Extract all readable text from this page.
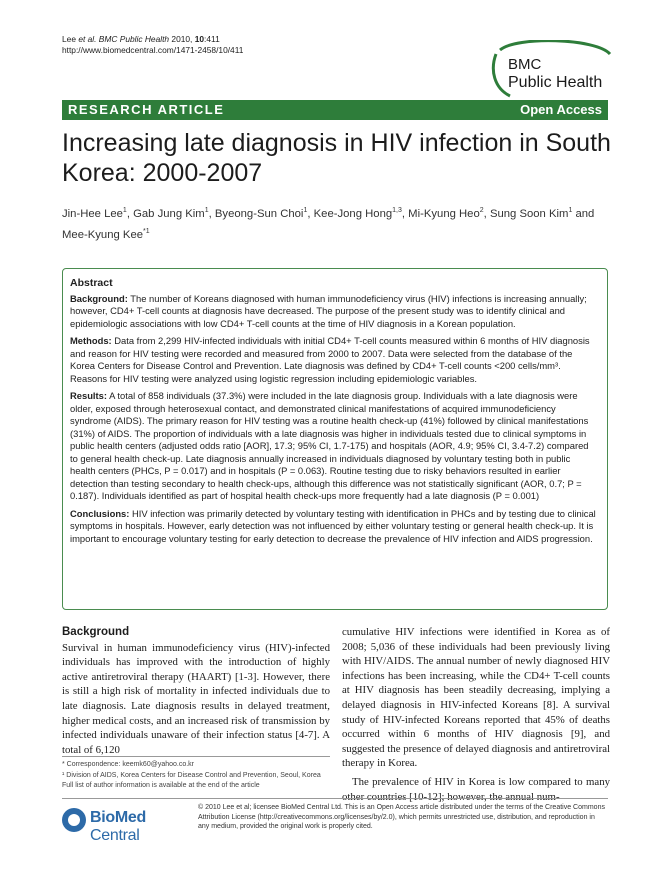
Lee et al. BMC Public Health 2010, 10:411
http://www.biomedcentral.com/1471-2458/10/411
BMC
Public Health
RESEARCH ARTICLE	Open Access
Increasing late diagnosis in HIV infection in South Korea: 2000-2007
Jin-Hee Lee$^1$, Gab Jung Kim$^1$, Byeong-Sun Choi$^1$, Kee-Jong Hong$^{1,3}$, Mi-Kyung Heo$^2$, Sung Soon Kim$^1$ and Mee-Kyung Kee$^{*1}$
Abstract

Background: The number of Koreans diagnosed with human immunodeficiency virus (HIV) infections is increasing annually; however, CD4+ T-cell counts at diagnosis have decreased. The purpose of the present study was to identify clinical and epidemiologic associations with low CD4+ T-cell counts at the time of HIV diagnosis in a Korean population.

Methods: Data from 2,299 HIV-infected individuals with initial CD4+ T-cell counts measured within 6 months of HIV diagnosis and reason for HIV testing were recorded and measured from 2000 to 2007. Data were selected from the database of the Korea Centers for Disease Control and Prevention. Late diagnosis was defined by CD4+ T-cell counts <200 cells/mm³. Reasons for HIV testing were analyzed using logistic regression including epidemiologic variables.

Results: A total of 858 individuals (37.3%) were included in the late diagnosis group. Individuals with a late diagnosis were older, exposed through heterosexual contact, and demonstrated clinical manifestations of acquired immunodeficiency syndrome (AIDS). The primary reason for HIV testing was a routine health check-up (41%) followed by clinical manifestations (31%) of AIDS. The proportion of individuals with a late diagnosis was higher in individuals tested due to clinical symptoms in public health centers (adjusted odds ratio [AOR], 17.3; 95% CI, 1.7-175) and hospitals (AOR, 4.9; 95% CI, 3.4-7.2) compared to general health check-up. Late diagnosis annually increased in individuals diagnosed by voluntary testing both in public health centers (PHCs, P = 0.017) and in hospitals (P = 0.063). Routine testing due to risky behaviors resulted in earlier detection than testing secondary to health check-ups, although this difference was not statistically significant (AOR, 0.7; P = 0.187). Individuals identified as part of hospital health check-ups more frequently had a late diagnosis (P = 0.001)

Conclusions: HIV infection was primarily detected by voluntary testing with identification in PHCs and by testing due to clinical symptoms in hospitals. However, early detection was not influenced by either voluntary testing or general health check-up. It is important to encourage voluntary testing for early detection to decrease the prevalence of HIV infection and AIDS progression.

Background

Survival in human immunodeficiency virus (HIV)-infected individuals has improved with the introduction of highly active antiretroviral therapy (HAART) [1-3]. However, there is still a high risk of mortality in infected individuals due to late diagnosis. Late diagnosis results in delayed treatment, higher medical costs, and an increased risk of transmission by infected individuals unaware of their infection status [4-7]. A total of 6,120

cumulative HIV infections were identified in Korea as of 2008; 5,036 of these individuals had been previously living with HIV/AIDS. The annual number of newly diagnosed HIV infections has been increasing, while the CD4+ T-cell counts at HIV diagnosis has been steadily decreasing, implying a delayed diagnosis in HIV-infected Koreans [8]. A survival study of HIV-infected Koreans reported that 45% of deaths occurred within 6 months of HIV diagnosis [9], and suggested the presence of delayed diagnosis and antiretroviral therapy in Korea.

The prevalence of HIV in Korea is low compared to many other countries [10-12]; however, the annual num-

* Correspondence: keemk60@yahoo.co.kr

¹ Division of AIDS, Korea Centers for Disease Control and Prevention, Seoul, Korea

Full list of author information is available at the end of the article

BioMed Central
© 2010 Lee et al; licensee BioMed Central Ltd. This is an Open Access article distributed under the terms of the Creative Commons Attribution License (http://creativecommons.org/licenses/by/2.0), which permits unrestricted use, distribution, and reproduction in any medium, provided the original work is properly cited.
